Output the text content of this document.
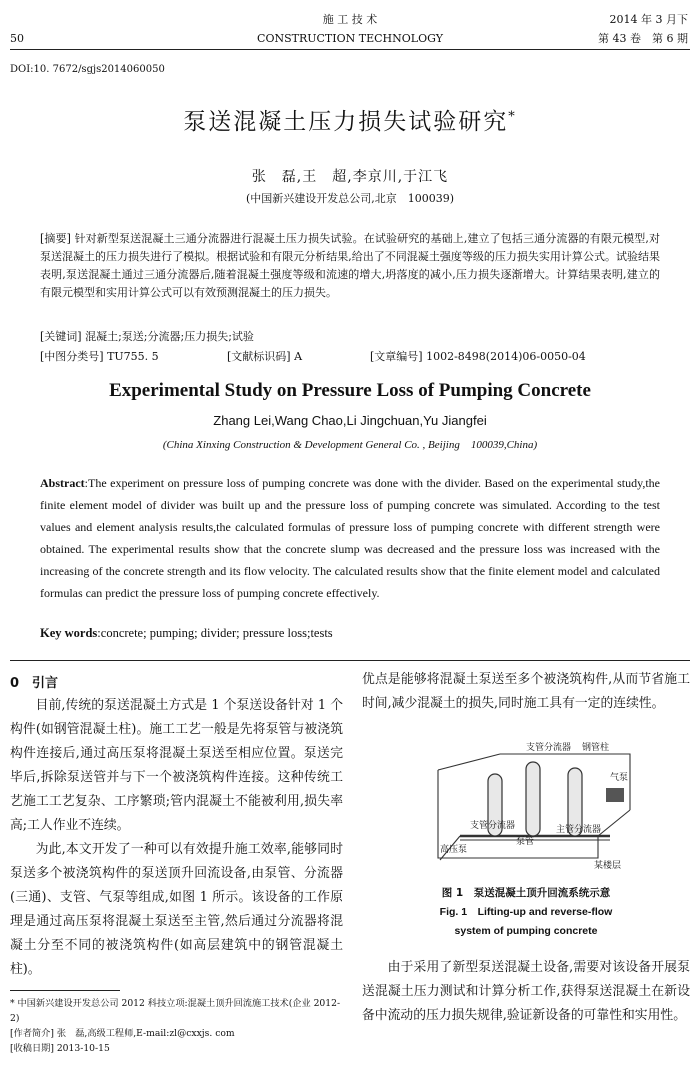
50
施 工 技 术
CONSTRUCTION TECHNOLOGY
2014 年 3 月下
第 43 卷　第 6 期
DOI:10. 7672/sgjs2014060050
泵送混凝土压力损失试验研究*
张　磊,王　超,李京川,于江飞
(中国新兴建设开发总公司,北京　100039)
[摘要] 针对新型泵送混凝土三通分流器进行混凝土压力损失试验。在试验研究的基础上,建立了包括三通分流器的有限元模型,对泵送混凝土的压力损失进行了模拟。根据试验和有限元分析结果,给出了不同混凝土强度等级的压力损失实用计算公式。试验结果表明,泵送混凝土通过三通分流器后,随着混凝土强度等级和流速的增大,坍落度的减小,压力损失逐渐增大。计算结果表明,建立的有限元模型和实用计算公式可以有效预测混凝土的压力损失。
[关键词] 混凝土;泵送;分流器;压力损失;试验
[中图分类号] TU755. 5	[文献标识码] A	[文章编号] 1002-8498(2014)06-0050-04
Experimental Study on Pressure Loss of Pumping Concrete
Zhang Lei,Wang Chao,Li Jingchuan,Yu Jiangfei
(China Xinxing Construction & Development General Co. , Beijing　100039,China)
Abstract:The experiment on pressure loss of pumping concrete was done with the divider. Based on the experimental study,the finite element model of divider was built up and the pressure loss of pumping concrete was simulated. According to the test values and element analysis results,the calculated formulas of pressure loss of pumping concrete with different strength were obtained. The experimental results show that the concrete slump was decreased and the pressure loss was increased with the increasing of the concrete strength and its flow velocity. The calculated results show that the finite element model and calculated formulas can predict the pressure loss of pumping concrete effectively.
Key words:concrete; pumping; divider; pressure loss;tests
0　引言

目前,传统的泵送混凝土方式是 1 个泵送设备针对 1 个构件(如钢管混凝土柱)。施工工艺一般是先将泵管与被浇筑构件连接后,通过高压泵将混凝土泵送至相应位置。泵送完毕后,拆除泵送管并与下一个被浇筑构件连接。这种传统工艺施工工艺复杂、工序繁琐;管内混凝土不能被利用,损失率高;工人作业不连续。

为此,本文开发了一种可以有效提升施工效率,能够同时泵送多个被浇筑构件的泵送顶升回流设备,由泵管、分流器(三通)、支管、气泵等组成,如图 1 所示。该设备的工作原理是通过高压泵将混凝土泵送至主管,然后通过分流器将混凝土分至不同的被浇筑构件(如高层建筑中的钢管混凝土柱)。

优点是能够将混凝土泵送至多个被浇筑构件,从而节省施工时间,减少混凝土的损失,同时施工具有一定的连续性。

支管分流器 钢管柱
气泵
支管分流器
泵管
主管分流器
高压泵
某楼层
图 1　泵送混凝土顶升回流系统示意
Fig. 1　Lifting-up and reverse-flow
system of pumping concrete

由于采用了新型泵送混凝土设备,需要对该设备开展泵送混凝土压力测试和计算分析工作,获得泵送混凝土在新设备中流动的压力损失规律,验证新设备的可靠性和实用性。

* 中国新兴建设开发总公司 2012 科技立项:混凝土顶升回流施工技术(企业 2012-2)
[作者简介] 张　磊,高级工程师,E-mail:zl@cxxjs. com
[收稿日期] 2013-10-15
